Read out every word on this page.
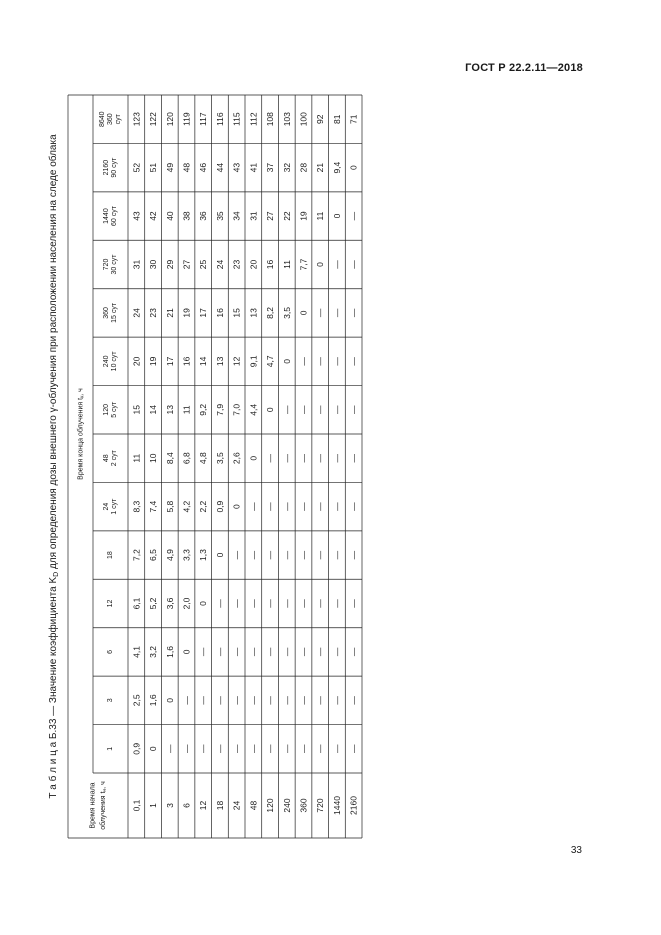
ГОСТ Р 22.2.11—2018
Т а б л и ц а Б.33 — Значение коэффициента $K_D$ для определения дозы внешнего γ-облучения при расположении населения на следе облака	Время конца облучения $t_к$, ч
Время начала облучения $t_н$, ч
1
3
6
12
18
24 1 сут
48 2 сут
120 5 сут
240 10 сут
360 15 сут
720 30 сут
1440 60 сут
2160 90 сут
8640 360 сут
0,1
0,9
2,5
4,1
6,1
7,2
8,3
11
15
20
24
31
43
52
123
1
0
1,6
3,2
5,2
6,5
7,4
10
14
19
23
30
42
51
122
3
—
0
1,6
3,6
4,9
5,8
8,4
13
17
21
29
40
49
120
6
—
—
0
2,0
3,3
4,2
6,8
11
16
19
27
38
48
119
12
—
—
—
0
1,3
2,2
4,8
9,2
14
17
25
36
46
117
18
—
—
—
—
0
0,9
3,5
7,9
13
16
24
35
44
116
24
—
—
—
—
—
0
2,6
7,0
12
15
23
34
43
115
48
—
—
—
—
—
—
0
4,4
9,1
13
20
31
41
112
120
—
—
—
—
—
—
—
0
4,7
8,2
16
27
37
108
240
—
—
—
—
—
—
—
—
0
3,5
11
22
32
103
360
—
—
—
—
—
—
—
—
—
0
7,7
19
28
100
720
—
—
—
—
—
—
—
—
—
—
0
11
21
92
1440
—
—
—
—
—
—
—
—
—
—
—
0
9,4
81
2160
—
—
—
—
—
—
—
—
—
—
—
—
0
71
33
